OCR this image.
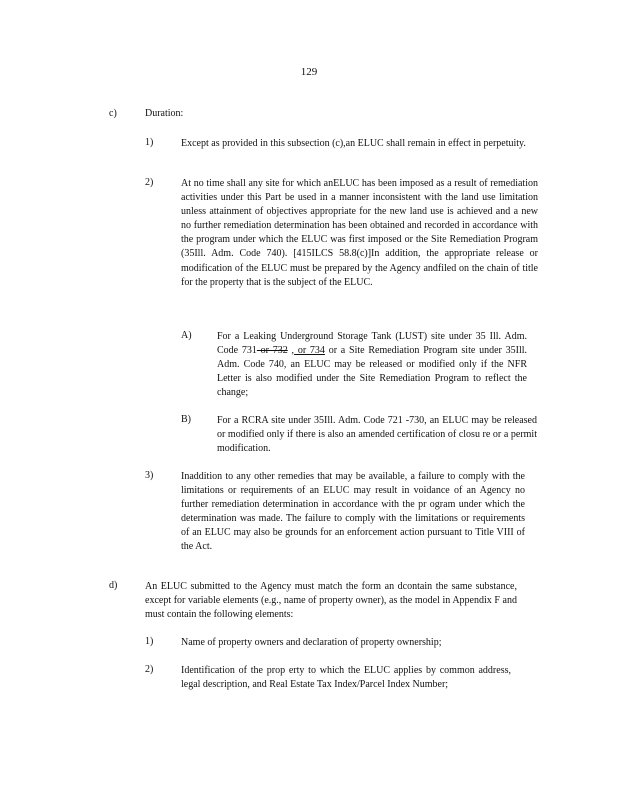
129
c)	Duration:
1)	Except as provided in this subsection (c),an ELUC shall remain in effect in perpetuity.
2)	At no time shall any site for which anELUC has been imposed as a result of remediation activities under this Part be used in a manner inconsistent with the land use limitation unless attainment of objectives appropriate for the new land use is achieved and a new no further remediation determination has been obtained and recorded in accordance with the program under which the ELUC was first imposed or the Site Remediation Program (35Ill. Adm. Code 740). [415ILCS 58.8(c)]In addition, the appropriate release or modification of the ELUC must be prepared by the Agency andfiled on the chain of title for the property that is the subject of the ELUC.
A)	For a Leaking Underground Storage Tank (LUST) site under 35 Ill. Adm. Code 731 or 732 , or 734 or a Site Remediation Program site under 35Ill. Adm. Code 740, an ELUC may be released or modified only if the NFR Letter is also modified under the Site Remediation Program to reflect the change;
B)	For a RCRA site under 35Ill. Adm. Code 721 -730, an ELUC may be released or modified only if there is also an amended certification of closu re or a permit modification.
3)	Inaddition to any other remedies that may be available, a failure to comply with the limitations or requirements of an ELUC may result in voidance of an Agency no further remediation determination in accordance with the pr ogram under which the determination was made. The failure to comply with the limitations or requirements of an ELUC may also be grounds for an enforcement action pursuant to Title VIII of the Act.
d)	An ELUC submitted to the Agency must match the form an dcontain the same substance, except for variable elements (e.g., name of property owner), as the model in Appendix F and must contain the following elements:
1)	Name of property owners and declaration of property ownership;
2)	Identification of the prop erty to which the ELUC applies by common address, legal description, and Real Estate Tax Index/Parcel Index Number;
